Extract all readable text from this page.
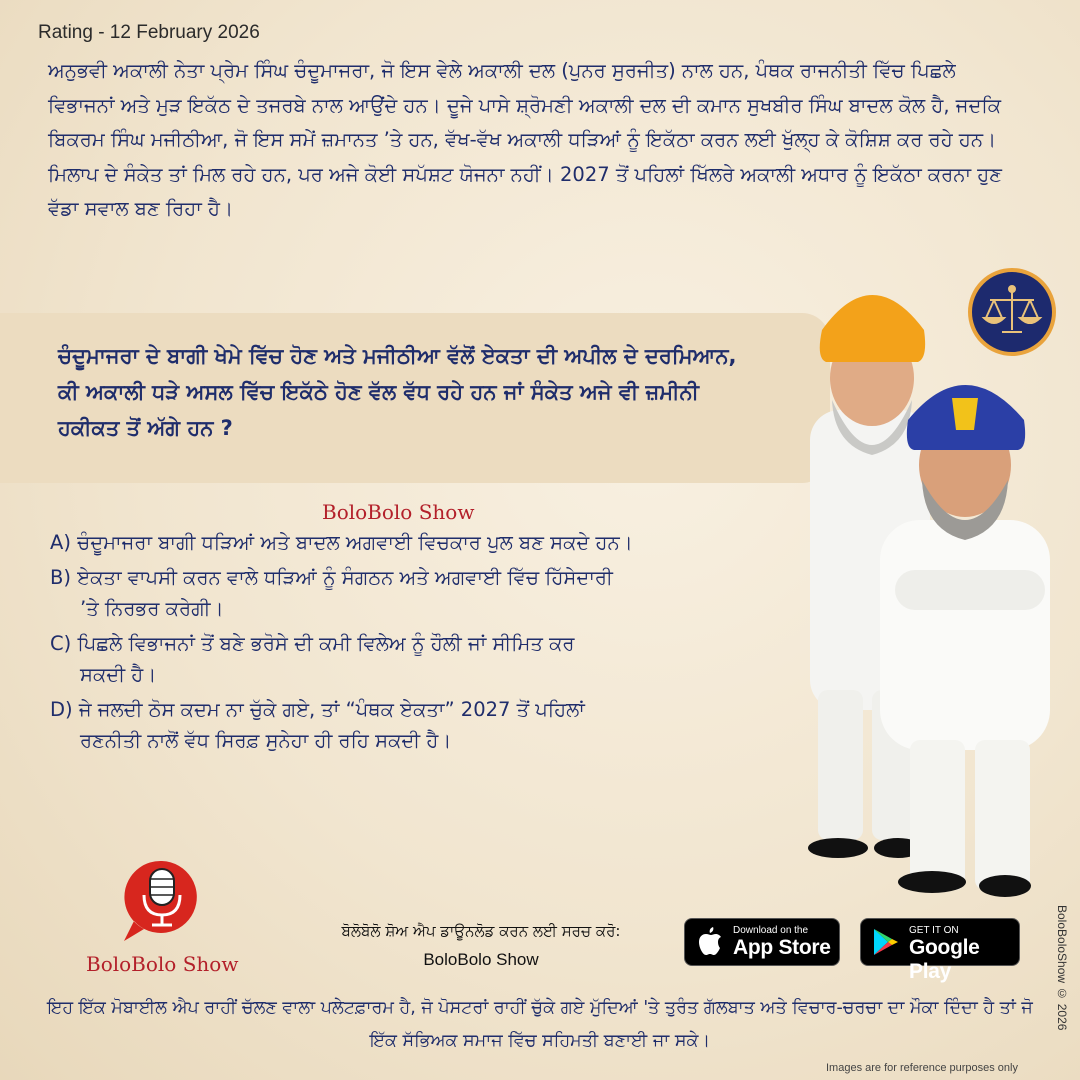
Rating - 12 February 2026
ਅਨੁਭਵੀ ਅਕਾਲੀ ਨੇਤਾ ਪ੍ਰੇਮ ਸਿੰਘ ਚੰਦੂਮਾਜਰਾ, ਜੋ ਇਸ ਵੇਲੇ ਅਕਾਲੀ ਦਲ (ਪੁਨਰ ਸੁਰਜੀਤ) ਨਾਲ ਹਨ, ਪੰਥਕ ਰਾਜਨੀਤੀ ਵਿੱਚ ਪਿਛਲੇ ਵਿਭਾਜਨਾਂ ਅਤੇ ਮੁੜ ਇਕੱਠ ਦੇ ਤਜਰਬੇ ਨਾਲ ਆਉਂਦੇ ਹਨ। ਦੂਜੇ ਪਾਸੇ ਸ਼੍ਰੋਮਣੀ ਅਕਾਲੀ ਦਲ ਦੀ ਕਮਾਨ ਸੁਖਬੀਰ ਸਿੰਘ ਬਾਦਲ ਕੋਲ ਹੈ, ਜਦਕਿ ਬਿਕਰਮ ਸਿੰਘ ਮਜੀਠੀਆ, ਜੋ ਇਸ ਸਮੇਂ ਜ਼ਮਾਨਤ ’ਤੇ ਹਨ, ਵੱਖ-ਵੱਖ ਅਕਾਲੀ ਧੜਿਆਂ ਨੂੰ ਇਕੱਠਾ ਕਰਨ ਲਈ ਖੁੱਲ੍ਹ ਕੇ ਕੋਸ਼ਿਸ਼ ਕਰ ਰਹੇ ਹਨ। ਮਿਲਾਪ ਦੇ ਸੰਕੇਤ ਤਾਂ ਮਿਲ ਰਹੇ ਹਨ, ਪਰ ਅਜੇ ਕੋਈ ਸਪੱਸ਼ਟ ਯੋਜਨਾ ਨਹੀਂ। 2027 ਤੋਂ ਪਹਿਲਾਂ ਖਿੱਲਰੇ ਅਕਾਲੀ ਅਧਾਰ ਨੂੰ ਇਕੱਠਾ ਕਰਨਾ ਹੁਣ ਵੱਡਾ ਸਵਾਲ ਬਣ ਰਿਹਾ ਹੈ।
ਚੰਦੂਮਾਜਰਾ ਦੇ ਬਾਗੀ ਖੇਮੇ ਵਿੱਚ ਹੋਣ ਅਤੇ ਮਜੀਠੀਆ ਵੱਲੋਂ ਏਕਤਾ ਦੀ ਅਪੀਲ ਦੇ ਦਰਮਿਆਨ, ਕੀ ਅਕਾਲੀ ਧੜੇ ਅਸਲ ਵਿੱਚ ਇਕੱਠੇ ਹੋਣ ਵੱਲ ਵੱਧ ਰਹੇ ਹਨ ਜਾਂ ਸੰਕੇਤ ਅਜੇ ਵੀ ਜ਼ਮੀਨੀ ਹਕੀਕਤ ਤੋਂ ਅੱਗੇ ਹਨ ?
BoloBolo Show
A) ਚੰਦੂਮਾਜਰਾ ਬਾਗੀ ਧੜਿਆਂ ਅਤੇ ਬਾਦਲ ਅਗਵਾਈ ਵਿਚਕਾਰ ਪੁਲ ਬਣ ਸਕਦੇ ਹਨ।
B) ਏਕਤਾ ਵਾਪਸੀ ਕਰਨ ਵਾਲੇ ਧੜਿਆਂ ਨੂੰ ਸੰਗਠਨ ਅਤੇ ਅਗਵਾਈ ਵਿੱਚ ਹਿੱਸੇਦਾਰੀ
’ਤੇ ਨਿਰਭਰ ਕਰੇਗੀ।
C) ਪਿਛਲੇ ਵਿਭਾਜਨਾਂ ਤੋਂ ਬਣੇ ਭਰੋਸੇ ਦੀ ਕਮੀ ਵਿਲੇਅ ਨੂੰ ਹੌਲੀ ਜਾਂ ਸੀਮਿਤ ਕਰ
ਸਕਦੀ ਹੈ।
D) ਜੇ ਜਲਦੀ ਠੋਸ ਕਦਮ ਨਾ ਚੁੱਕੇ ਗਏ, ਤਾਂ “ਪੰਥਕ ਏਕਤਾ” 2027 ਤੋਂ ਪਹਿਲਾਂ
ਰਣਨੀਤੀ ਨਾਲੋਂ ਵੱਧ ਸਿਰਫ਼ ਸੁਨੇਹਾ ਹੀ ਰਹਿ ਸਕਦੀ ਹੈ।
BoloBolo Show
ਬੋਲੋਬੋਲੋ ਸ਼ੋਅ ਐਪ ਡਾਊਨਲੋਡ ਕਰਨ ਲਈ ਸਰਚ ਕਰੋ:
BoloBolo Show
Download on the
App Store
GET IT ON
Google Play
ਇਹ ਇੱਕ ਮੋਬਾਈਲ ਐਪ ਰਾਹੀਂ ਚੱਲਣ ਵਾਲਾ ਪਲੇਟਫ਼ਾਰਮ ਹੈ, ਜੋ ਪੋਸਟਰਾਂ ਰਾਹੀਂ ਚੁੱਕੇ ਗਏ ਮੁੱਦਿਆਂ 'ਤੇ ਤੁਰੰਤ ਗੱਲਬਾਤ ਅਤੇ ਵਿਚਾਰ-ਚਰਚਾ ਦਾ ਮੌਕਾ ਦਿੰਦਾ ਹੈ ਤਾਂ ਜੋ ਇੱਕ ਸੱਭਿਅਕ ਸਮਾਜ ਵਿੱਚ ਸਹਿਮਤੀ ਬਣਾਈ ਜਾ ਸਕੇ।
BoloBoloShow © 2026
Images are for reference purposes only
